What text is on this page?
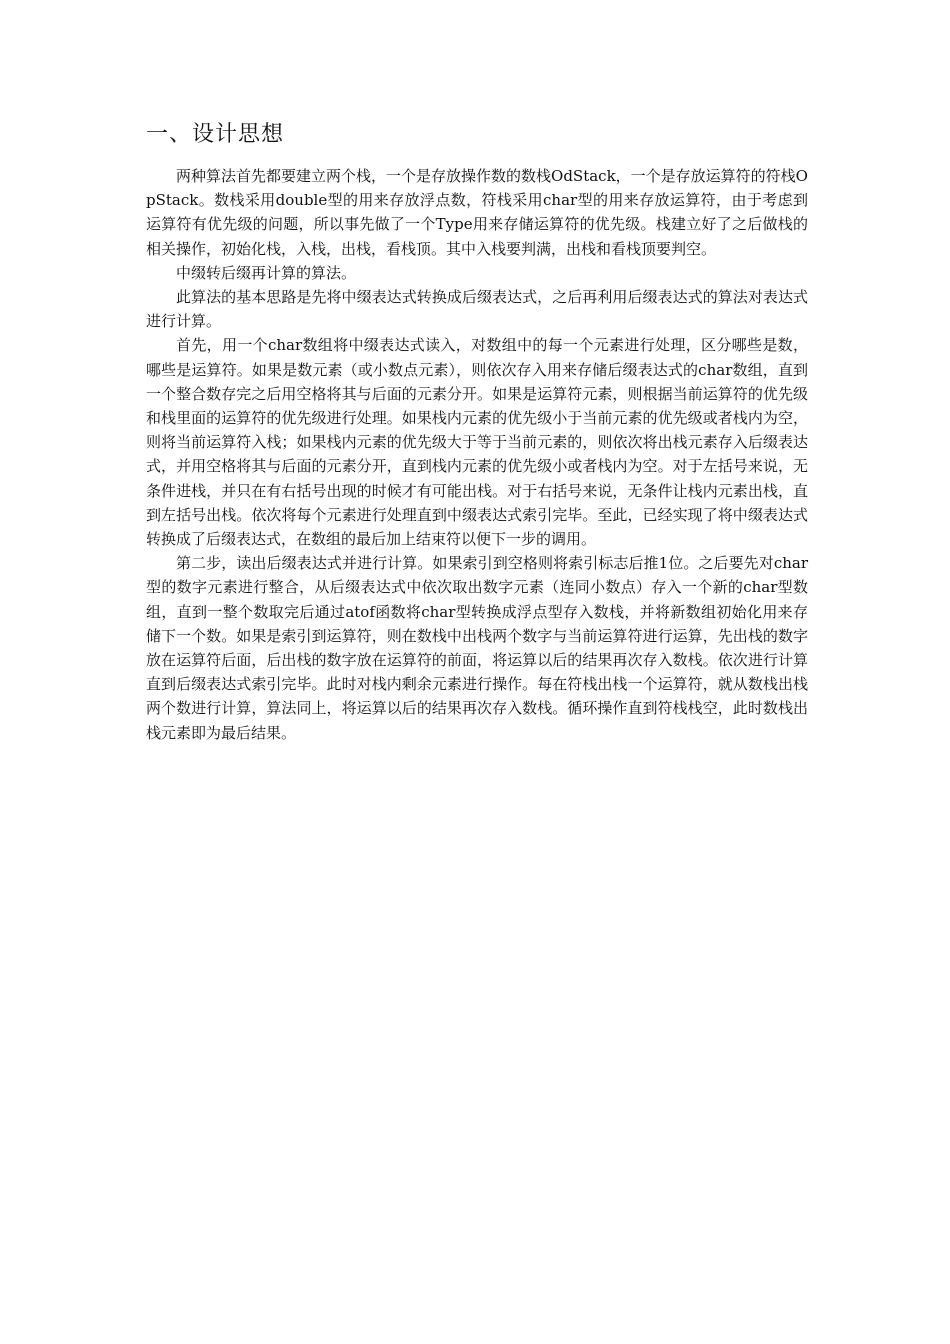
一、设计思想

两种算法首先都要建立两个栈，一个是存放操作数的数栈OdStack，一个是存放运算符的符栈OpStack。数栈采用double型的用来存放浮点数，符栈采用char型的用来存放运算符，由于考虑到运算符有优先级的问题，所以事先做了一个Type用来存储运算符的优先级。栈建立好了之后做栈的相关操作，初始化栈，入栈，出栈，看栈顶。其中入栈要判满，出栈和看栈顶要判空。

中缀转后缀再计算的算法。

此算法的基本思路是先将中缀表达式转换成后缀表达式，之后再利用后缀表达式的算法对表达式进行计算。

首先，用一个char数组将中缀表达式读入，对数组中的每一个元素进行处理，区分哪些是数，哪些是运算符。如果是数元素（或小数点元素），则依次存入用来存储后缀表达式的char数组，直到一个整合数存完之后用空格将其与后面的元素分开。如果是运算符元素，则根据当前运算符的优先级和栈里面的运算符的优先级进行处理。如果栈内元素的优先级小于当前元素的优先级或者栈内为空，则将当前运算符入栈；如果栈内元素的优先级大于等于当前元素的，则依次将出栈元素存入后缀表达式，并用空格将其与后面的元素分开，直到栈内元素的优先级小或者栈内为空。对于左括号来说，无条件进栈，并只在有右括号出现的时候才有可能出栈。对于右括号来说，无条件让栈内元素出栈，直到左括号出栈。依次将每个元素进行处理直到中缀表达式索引完毕。至此，已经实现了将中缀表达式转换成了后缀表达式，在数组的最后加上结束符以便下一步的调用。

第二步，读出后缀表达式并进行计算。如果索引到空格则将索引标志后推1位。之后要先对char型的数字元素进行整合，从后缀表达式中依次取出数字元素（连同小数点）存入一个新的char型数组，直到一整个数取完后通过atof函数将char型转换成浮点型存入数栈，并将新数组初始化用来存储下一个数。如果是索引到运算符，则在数栈中出栈两个数字与当前运算符进行运算，先出栈的数字放在运算符后面，后出栈的数字放在运算符的前面，将运算以后的结果再次存入数栈。依次进行计算直到后缀表达式索引完毕。此时对栈内剩余元素进行操作。每在符栈出栈一个运算符，就从数栈出栈两个数进行计算，算法同上，将运算以后的结果再次存入数栈。循环操作直到符栈栈空，此时数栈出栈元素即为最后结果。
